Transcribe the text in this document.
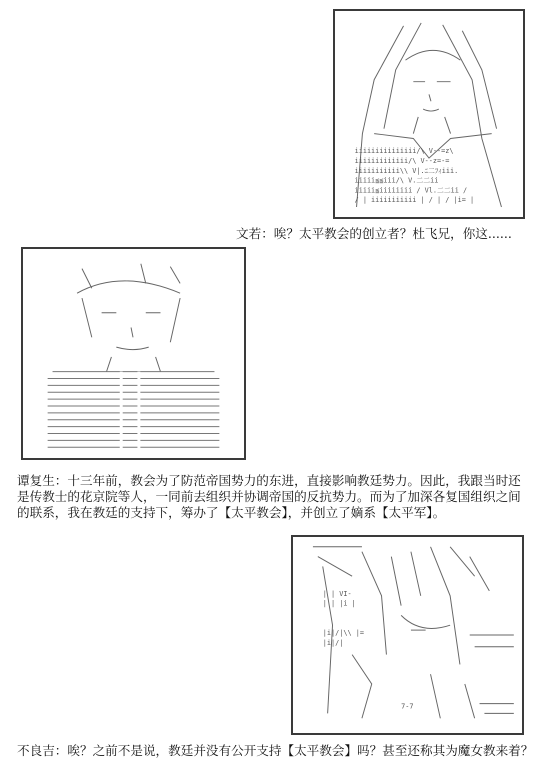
iiiiiiiiiiiiiii/\ V--=z\
iiiiiiiiiiiii/\ V--z=-=
iiiiiiiiiii\\ V|.ﾆ二ﾌｨiii.
iiiii≦≦iii/\ V.二二ii
iiiii≦iiiiiiii / Vl.二二ii /
/ | iiiiiiiiiii | / | / |i= |
文若：唉？太平教会的创立者？杜飞兄，你这......
谭复生：十三年前，教会为了防范帝国势力的东进，直接影响教廷势力。因此，我跟当时还
是传教士的花京院等人，一同前去组织并协调帝国的反抗势力。而为了加深各复国组织之间
的联系，我在教廷的支持下，筹办了【太平教会】，并创立了嫡系【太平军】。
| | VI-
| | |i |
|i|/|\\ |=
|i|/|
7-7
不良吉：唉？之前不是说，教廷并没有公开支持【太平教会】吗？甚至还称其为魔女教来着？
